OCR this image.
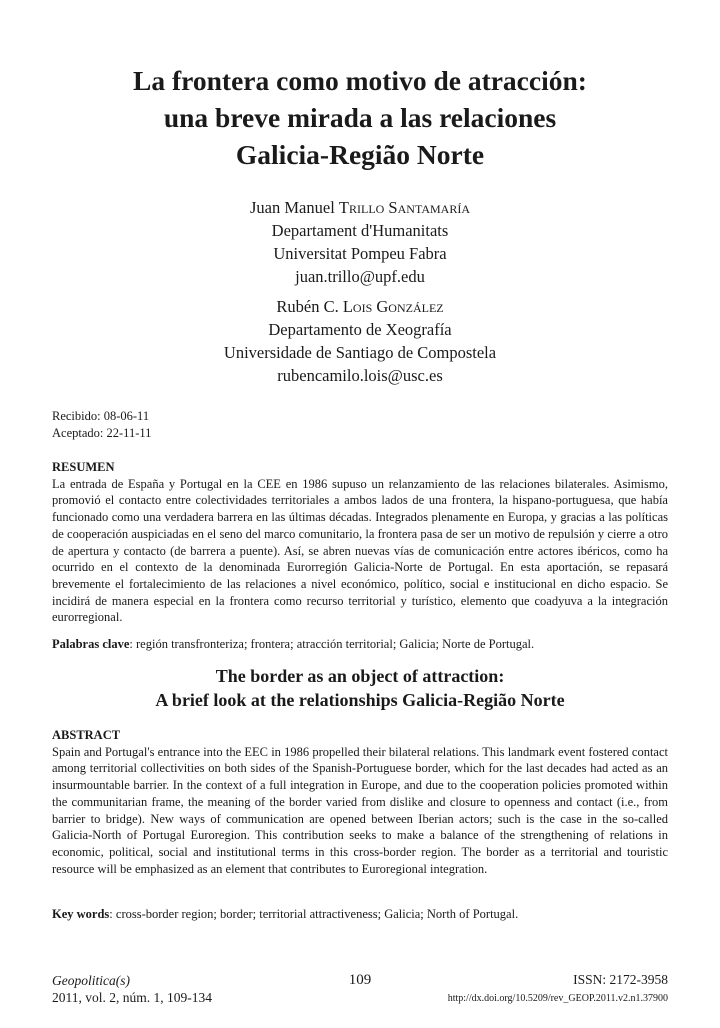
La frontera como motivo de atracción:
una breve mirada a las relaciones
Galicia-Região Norte
Juan Manuel Trillo Santamaría
Departament d'Humanitats
Universitat Pompeu Fabra
juan.trillo@upf.edu
Rubén C. Lois González
Departamento de Xeografía
Universidade de Santiago de Compostela
rubencamilo.lois@usc.es
Recibido: 08-06-11
Aceptado: 22-11-11
RESUMEN
La entrada de España y Portugal en la CEE en 1986 supuso un relanzamiento de las relaciones bilaterales. Asimismo, promovió el contacto entre colectividades territoriales a ambos lados de una frontera, la hispano-portuguesa, que había funcionado como una verdadera barrera en las últimas décadas. Integrados plenamente en Europa, y gracias a las políticas de cooperación auspiciadas en el seno del marco comunitario, la frontera pasa de ser un motivo de repulsión y cierre a otro de apertura y contacto (de barrera a puente). Así, se abren nuevas vías de comunicación entre actores ibéricos, como ha ocurrido en el contexto de la denominada Eurorregión Galicia-Norte de Portugal. En esta aportación, se repasará brevemente el fortalecimiento de las relaciones a nivel económico, político, social e institucional en dicho espacio. Se incidirá de manera especial en la frontera como recurso territorial y turístico, elemento que coadyuva a la integración eurorregional.
Palabras clave: región transfronteriza; frontera; atracción territorial; Galicia; Norte de Portugal.
The border as an object of attraction:
A brief look at the relationships Galicia-Região Norte
ABSTRACT
Spain and Portugal's entrance into the EEC in 1986 propelled their bilateral relations. This landmark event fostered contact among territorial collectivities on both sides of the Spanish-Portuguese border, which for the last decades had acted as an insurmountable barrier. In the context of a full integration in Europe, and due to the cooperation policies promoted within the communitarian frame, the meaning of the border varied from dislike and closure to openness and contact (i.e., from barrier to bridge). New ways of communication are opened between Iberian actors; such is the case in the so-called Galicia-North of Portugal Euroregion. This contribution seeks to make a balance of the strengthening of relations in economic, political, social and institutional terms in this cross-border region. The border as a territorial and touristic resource will be emphasized as an element that contributes to Euroregional integration.
Key words: cross-border region; border; territorial attractiveness; Galicia; North of Portugal.
Geopolitica(s)
2011, vol. 2, núm. 1, 109-134
109	ISSN: 2172-3958
http://dx.doi.org/10.5209/rev_GEOP.2011.v2.n1.37900
